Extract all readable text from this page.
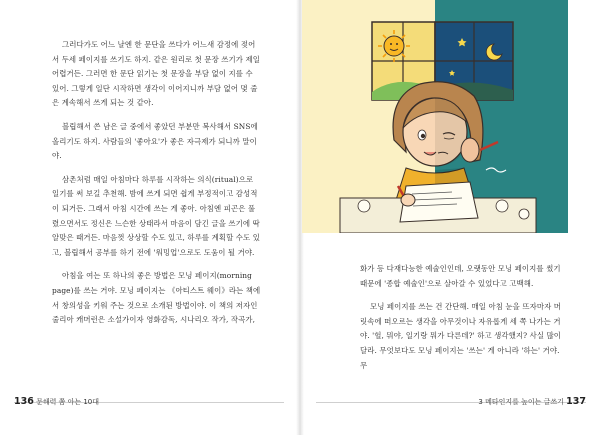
그러다가도 어느 날엔 한 문단을 쓰다가 어느새 감정에 젖어서 두세 페이지를 쓰기도 하지. 같은 원리로 첫 문장 쓰기가 제일 어렵거든. 그러면 한 문단 읽기는 첫 문장을 부담 없이 지를 수 있어. 그렇게 일단 시작하면 생각이 이어지니까 부담 없어 몇 줄은 계속해서 쓰게 되는 것 같아.

블립해서 쓴 남은 글 중에서 좋았던 부분만 복사해서 SNS에 올리기도 하지. 사람들의 '좋아요'가 좋은 자극제가 되니까 말이야.

삼촌처럼 매일 아침마다 하루를 시작하는 의식(ritual)으로 일기를 써 보길 추천해. 밤에 쓰게 되면 쉽게 부정적이고 감성적이 되거든. 그래서 아침 시간에 쓰는 게 좋아. 아침엔 피곤은 풀렸으면서도 정신은 느슨한 상태라서 마음이 담긴 글을 쓰기에 딱 알맞은 때거든. 마음껏 상상할 수도 있고, 하루를 계획할 수도 있고, 블립해서 공부를 하기 전에 '워밍업'으로도 도움이 될 거야.

아침을 여는 또 하나의 좋은 방법은 모닝 페이지(morning page)를 쓰는 거야. 모닝 페이지는 《아티스트 웨이》라는 책에서 창의성을 키워 주는 것으로 소개된 방법이야. 이 책의 저자인 줄리아 캐머런은 소설가이자 영화감독, 시나리오 작가, 작곡가,

화가 등 다재다능한 예술인인데, 오랫동안 모닝 페이지를 썼기 때문에 '종합 예술인'으로 살아갈 수 있었다고 고백해.

모닝 페이지를 쓰는 건 간단해. 매일 아침 눈을 뜨자마자 머릿속에 떠오르는 생각을 아무것이나 자유롭게 세 쪽 나가는 거야. '헐, 뭐야, 일기랑 뭐가 다른데?' 하고 생각했지? 사실 많이 달라. 무엇보다도 모닝 페이지는 '쓰는' 게 아니라 '하는' 거야. 무

136 문해력 쫌 아는 10대	3 메타인지를 높이는 글쓰기 137
